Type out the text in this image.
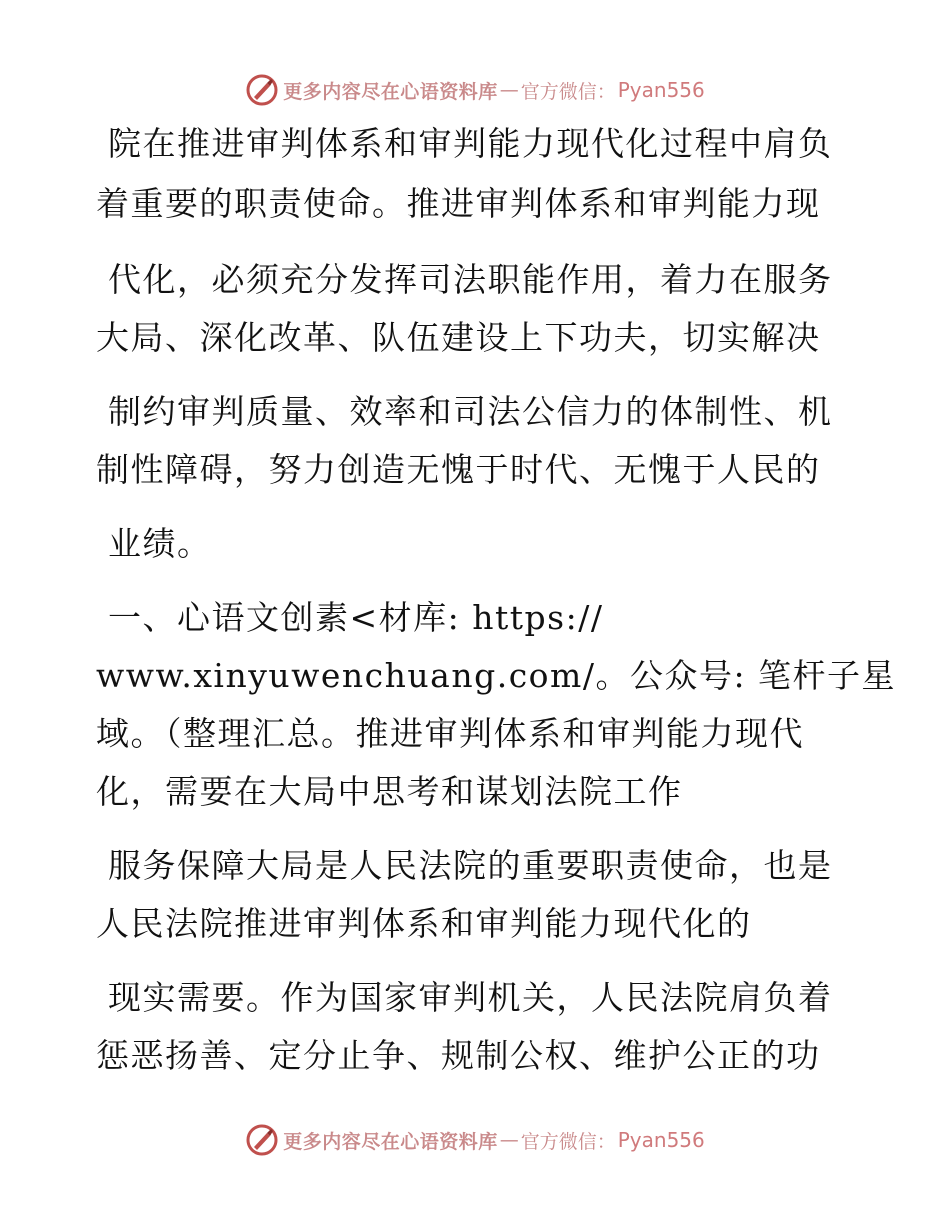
更多内容尽在心语资料库 — 官方微信： Pyan556
院在推进审判体系和审判能力现代化过程中肩负
着重要的职责使命。推进审判体系和审判能力现
代化，必须充分发挥司法职能作用，着力在服务
大局、深化改革、队伍建设上下功夫，切实解决
制约审判质量、效率和司法公信力的体制性、机
制性障碍，努力创造无愧于时代、无愧于人民的
业绩。
一、心语文创素<材库: https://
www.xinyuwenchuang.com/。公众号: 笔杆子星
域。（整理汇总。推进审判体系和审判能力现代
化，需要在大局中思考和谋划法院工作
服务保障大局是人民法院的重要职责使命，也是
人民法院推进审判体系和审判能力现代化的
现实需要。作为国家审判机关，人民法院肩负着
惩恶扬善、定分止争、规制公权、维护公正的功
更多内容尽在心语资料库 — 官方微信： Pyan556
